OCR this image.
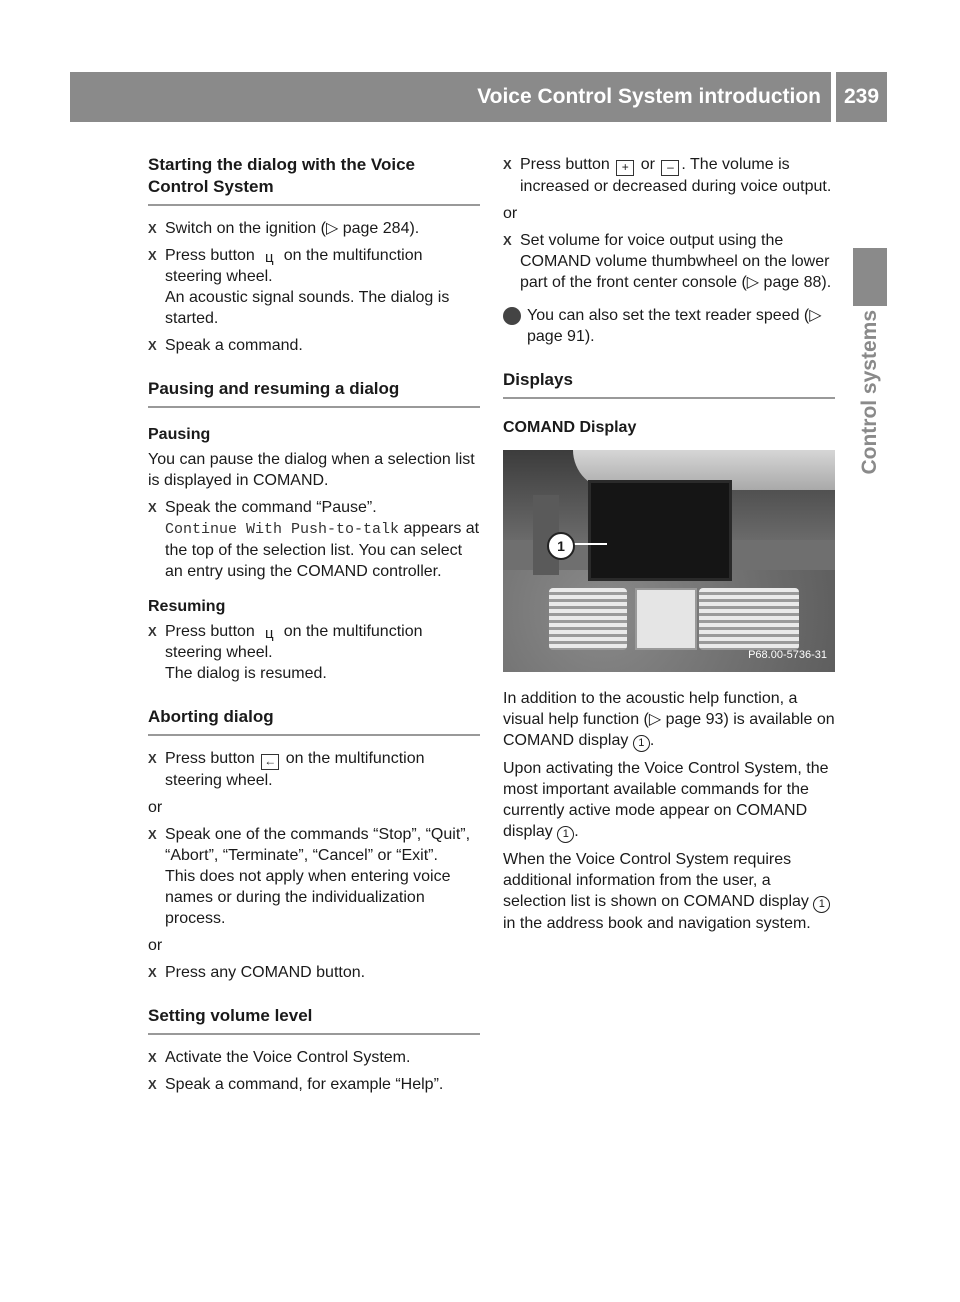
Voice Control System introduction	239
Control systems
Starting the dialog with the Voice Control System
X Switch on the ignition (▷ page 284).
X Press button ц on the multifunction steering wheel.
An acoustic signal sounds. The dialog is started.
X Speak a command.
Pausing and resuming a dialog
Pausing

You can pause the dialog when a selection list is displayed in COMAND.

X Speak the command “Pause”.
Continue With Push-to-talk appears at the top of the selection list. You can select an entry using the COMAND controller.
Resuming
X Press button ц on the multifunction steering wheel.
The dialog is resumed.
Aborting dialog
X Press button ← on the multifunction steering wheel.

or

X Speak one of the commands “Stop”, “Quit”, “Abort”, “Terminate”, “Cancel” or “Exit”.
This does not apply when entering voice names or during the individualization process.

or

X Press any COMAND button.
Setting volume level
X Activate the Voice Control System.
X Speak a command, for example “Help”.
X Press button + or – . The volume is increased or decreased during voice output.

or

X Set volume for voice output using the COMAND volume thumbwheel on the lower part of the front center console (▷ page 88).

i You can also set the text reader speed (▷ page 91).

Displays
COMAND Display
1
P68.00-5736-31

In addition to the acoustic help function, a visual help function (▷ page 93) is available on COMAND display 1 .

Upon activating the Voice Control System, the most important available commands for the currently active mode appear on COMAND display 1 .

When the Voice Control System requires additional information from the user, a selection list is shown on COMAND display 1 in the address book and navigation system.
